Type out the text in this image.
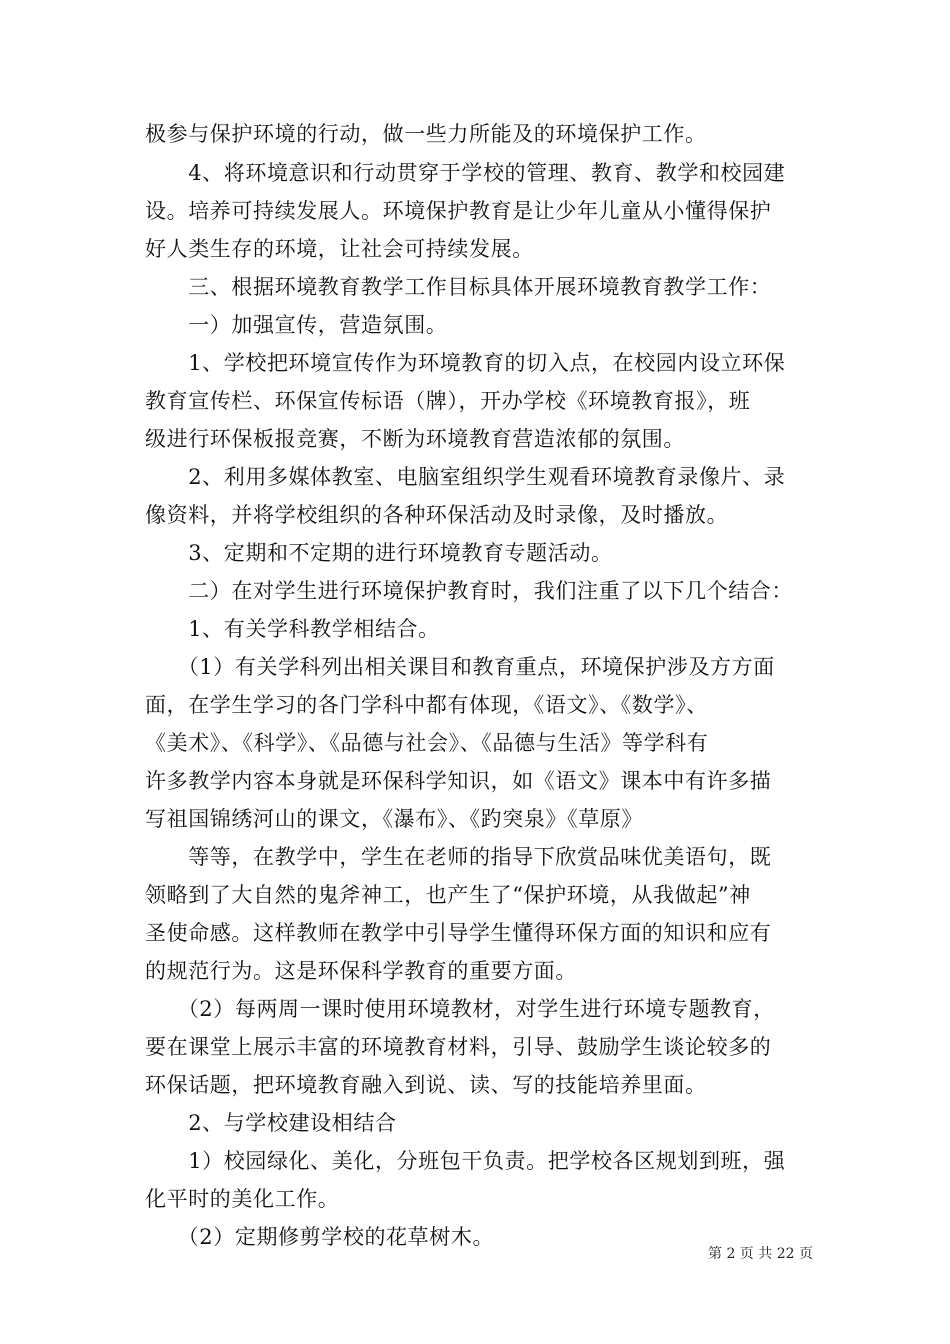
极参与保护环境的行动，做一些力所能及的环境保护工作。
　　4、将环境意识和行动贯穿于学校的管理、教育、教学和校园建
设。培养可持续发展人。环境保护教育是让少年儿童从小懂得保护
好人类生存的环境，让社会可持续发展。
　　三、根据环境教育教学工作目标具体开展环境教育教学工作：
　　一）加强宣传，营造氛围。
　　1、学校把环境宣传作为环境教育的切入点，在校园内设立环保
教育宣传栏、环保宣传标语（牌），开办学校《环境教育报》，班
级进行环保板报竞赛，不断为环境教育营造浓郁的氛围。
　　2、利用多媒体教室、电脑室组织学生观看环境教育录像片、录
像资料，并将学校组织的各种环保活动及时录像，及时播放。
　　3、定期和不定期的进行环境教育专题活动。
　　二）在对学生进行环境保护教育时，我们注重了以下几个结合：
　　1、有关学科教学相结合。
　　（1）有关学科列出相关课目和教育重点，环境保护涉及方方面
面，在学生学习的各门学科中都有体现，《语文》、《数学》、
《美术》、《科学》、《品德与社会》、《品德与生活》等学科有
许多教学内容本身就是环保科学知识，如《语文》课本中有许多描
写祖国锦绣河山的课文，《瀑布》、《趵突泉》《草原》
　　等等，在教学中，学生在老师的指导下欣赏品味优美语句，既
领略到了大自然的鬼斧神工，也产生了“保护环境，从我做起”神
圣使命感。这样教师在教学中引导学生懂得环保方面的知识和应有
的规范行为。这是环保科学教育的重要方面。
　　（2）每两周一课时使用环境教材，对学生进行环境专题教育，
要在课堂上展示丰富的环境教育材料，引导、鼓励学生谈论较多的
环保话题，把环境教育融入到说、读、写的技能培养里面。
　　2、与学校建设相结合
　　1）校园绿化、美化，分班包干负责。把学校各区规划到班，强
化平时的美化工作。
　　（2）定期修剪学校的花草树木。
第 2 页 共 22 页
